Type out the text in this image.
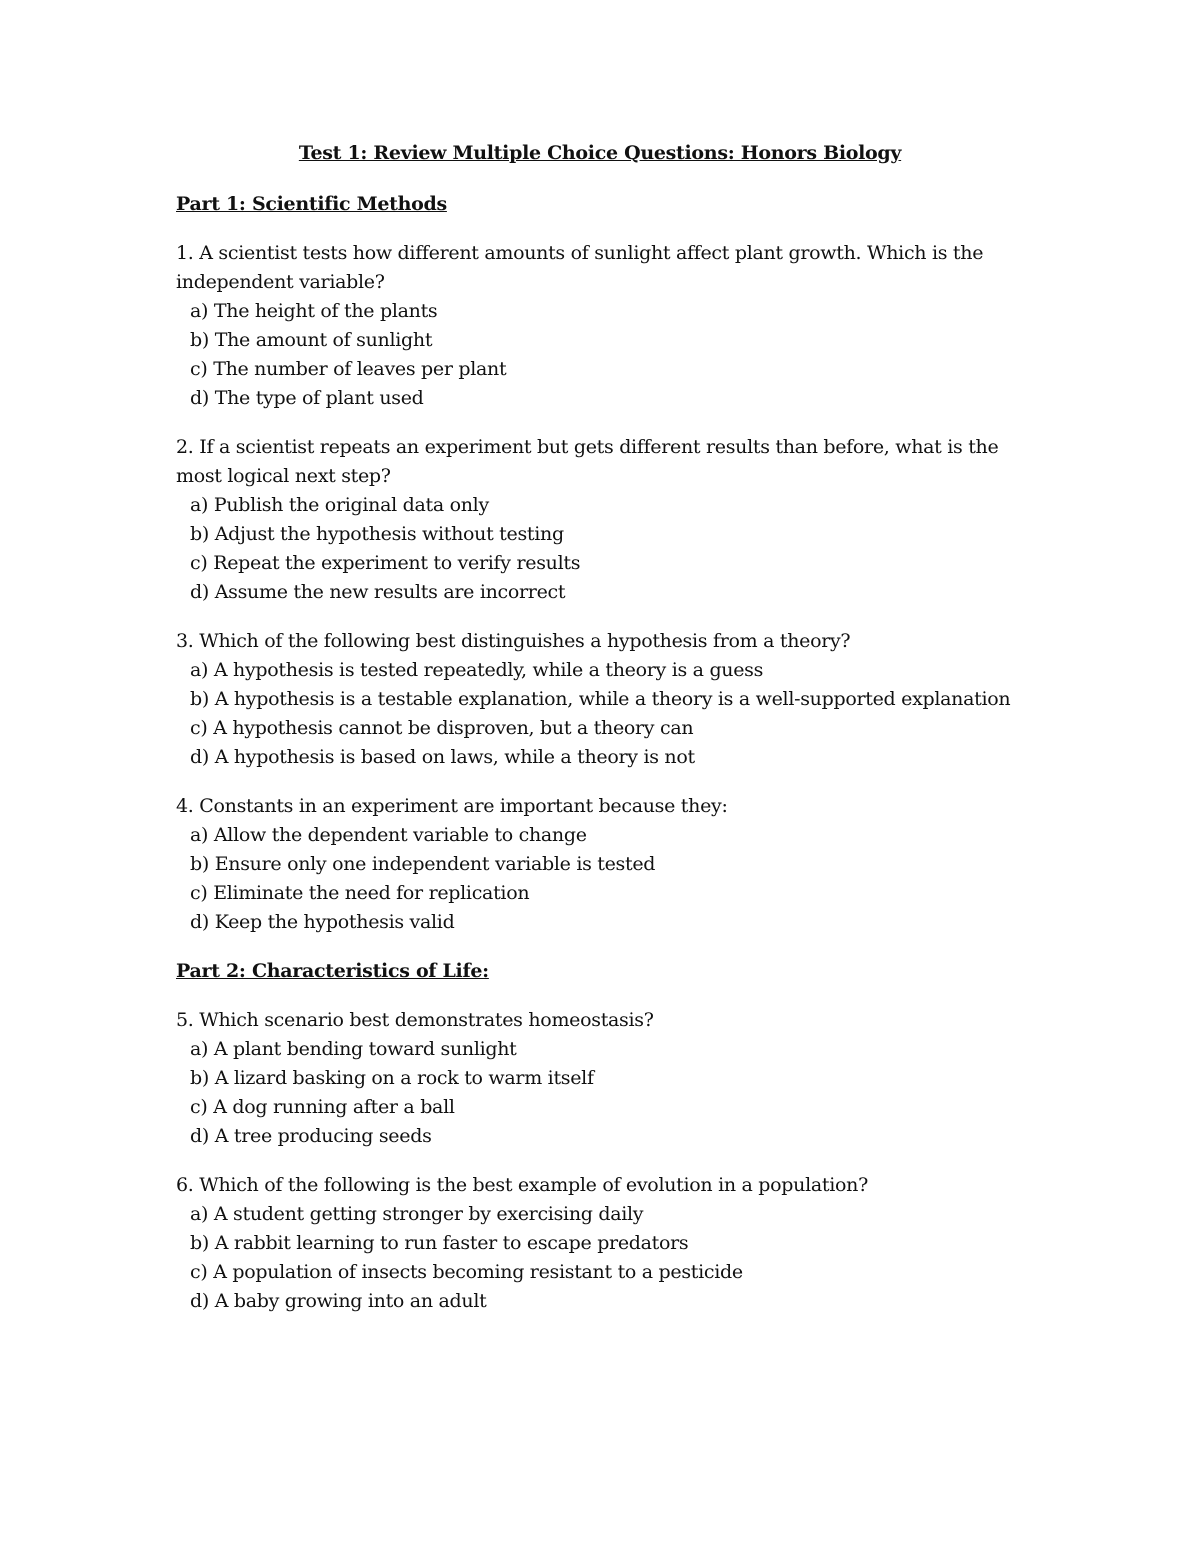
Test 1: Review Multiple Choice Questions: Honors Biology
Part 1: Scientific Methods
1. A scientist tests how different amounts of sunlight affect plant growth. Which is the independent variable?
a) The height of the plants
b) The amount of sunlight
c) The number of leaves per plant
d) The type of plant used
2. If a scientist repeats an experiment but gets different results than before, what is the most logical next step?
a) Publish the original data only
b) Adjust the hypothesis without testing
c) Repeat the experiment to verify results
d) Assume the new results are incorrect
3. Which of the following best distinguishes a hypothesis from a theory?
a) A hypothesis is tested repeatedly, while a theory is a guess
b) A hypothesis is a testable explanation, while a theory is a well-supported explanation
c) A hypothesis cannot be disproven, but a theory can
d) A hypothesis is based on laws, while a theory is not
4. Constants in an experiment are important because they:
a) Allow the dependent variable to change
b) Ensure only one independent variable is tested
c) Eliminate the need for replication
d) Keep the hypothesis valid
Part 2: Characteristics of Life:
5. Which scenario best demonstrates homeostasis?
a) A plant bending toward sunlight
b) A lizard basking on a rock to warm itself
c) A dog running after a ball
d) A tree producing seeds
6. Which of the following is the best example of evolution in a population?
a) A student getting stronger by exercising daily
b) A rabbit learning to run faster to escape predators
c) A population of insects becoming resistant to a pesticide
d) A baby growing into an adult
